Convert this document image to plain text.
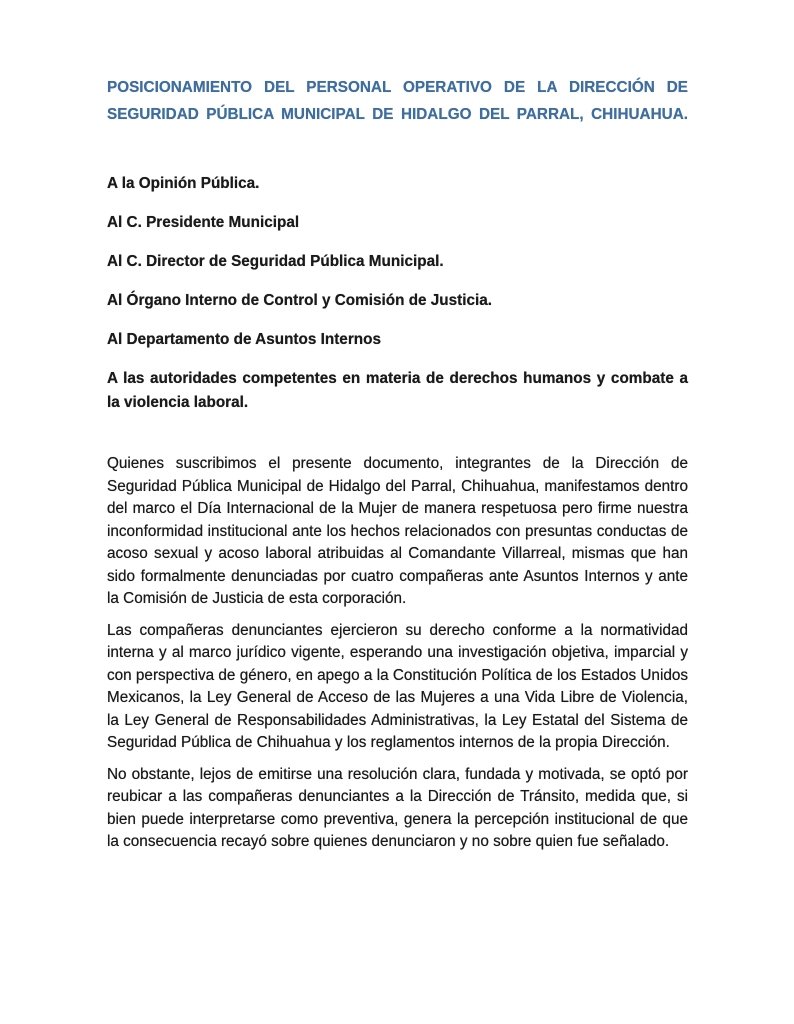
POSICIONAMIENTO DEL PERSONAL OPERATIVO DE LA DIRECCIÓN DE SEGURIDAD PÚBLICA MUNICIPAL DE HIDALGO DEL PARRAL, CHIHUAHUA.

A la Opinión Pública.

Al C. Presidente Municipal

Al C. Director de Seguridad Pública Municipal.

Al Órgano Interno de Control y Comisión de Justicia.

Al Departamento de Asuntos Internos

A las autoridades competentes en materia de derechos humanos y combate a la violencia laboral.

Quienes suscribimos el presente documento, integrantes de la Dirección de Seguridad Pública Municipal de Hidalgo del Parral, Chihuahua, manifestamos dentro del marco el Día Internacional de la Mujer de manera respetuosa pero firme nuestra inconformidad institucional ante los hechos relacionados con presuntas conductas de acoso sexual y acoso laboral atribuidas al Comandante Villarreal, mismas que han sido formalmente denunciadas por cuatro compañeras ante Asuntos Internos y ante la Comisión de Justicia de esta corporación.

Las compañeras denunciantes ejercieron su derecho conforme a la normatividad interna y al marco jurídico vigente, esperando una investigación objetiva, imparcial y con perspectiva de género, en apego a la Constitución Política de los Estados Unidos Mexicanos, la Ley General de Acceso de las Mujeres a una Vida Libre de Violencia, la Ley General de Responsabilidades Administrativas, la Ley Estatal del Sistema de Seguridad Pública de Chihuahua y los reglamentos internos de la propia Dirección.

No obstante, lejos de emitirse una resolución clara, fundada y motivada, se optó por reubicar a las compañeras denunciantes a la Dirección de Tránsito, medida que, si bien puede interpretarse como preventiva, genera la percepción institucional de que la consecuencia recayó sobre quienes denunciaron y no sobre quien fue señalado.
